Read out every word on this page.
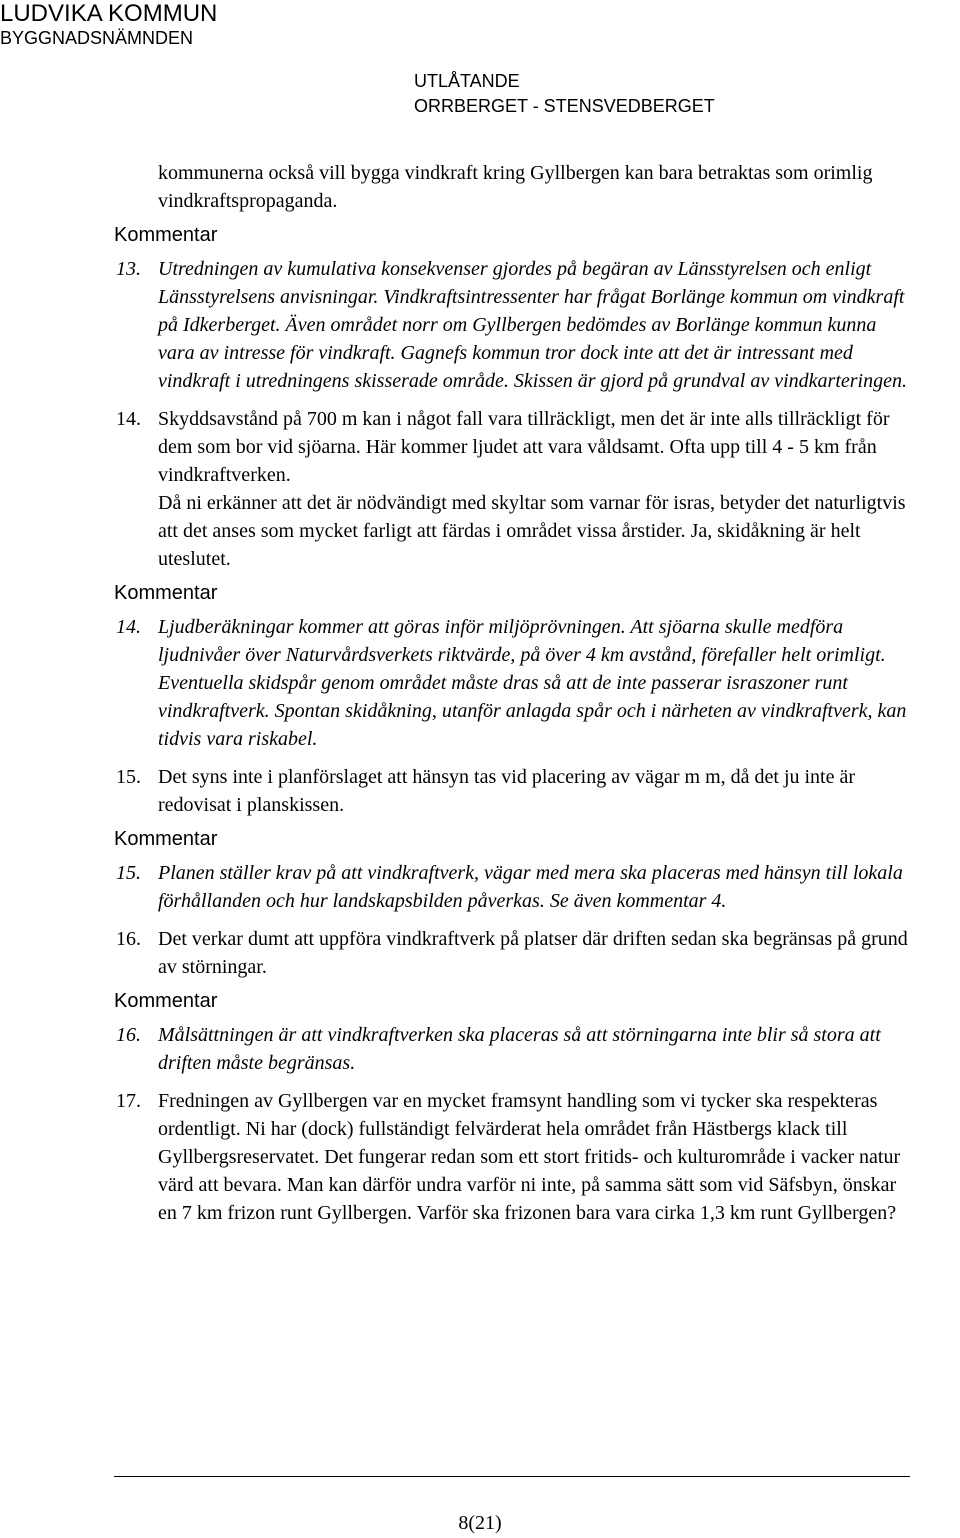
LUDVIKA KOMMUN
BYGGNADSNÄMNDEN
UTLÅTANDE
ORRBERGET - STENSVEDBERGET
kommunerna också vill bygga vindkraft kring Gyllbergen kan bara betraktas som orimlig vindkraftspropaganda.
Kommentar
13. Utredningen av kumulativa konsekvenser gjordes på begäran av Länsstyrelsen och enligt Länsstyrelsens anvisningar. Vindkraftsintressenter har frågat Borlänge kommun om vindkraft på Idkerberget. Även området norr om Gyllbergen bedömdes av Borlänge kommun kunna vara av intresse för vindkraft. Gagnefs kommun tror dock inte att det är intressant med vindkraft i utredningens skisserade område. Skissen är gjord på grundval av vindkarteringen.
14. Skyddsavstånd på 700 m kan i något fall vara tillräckligt, men det är inte alls tillräckligt för dem som bor vid sjöarna. Här kommer ljudet att vara våldsamt. Ofta upp till 4 - 5 km från vindkraftverken.
Då ni erkänner att det är nödvändigt med skyltar som varnar för isras, betyder det naturligtvis att det anses som mycket farligt att färdas i området vissa årstider. Ja, skidåkning är helt uteslutet.
Kommentar
14. Ljudberäkningar kommer att göras inför miljöprövningen. Att sjöarna skulle medföra ljudnivåer över Naturvårdsverkets riktvärde, på över 4 km avstånd, förefaller helt orimligt.
Eventuella skidspår genom området måste dras så att de inte passerar israszoner runt vindkraftverk. Spontan skidåkning, utanför anlagda spår och i närheten av vindkraftverk, kan tidvis vara riskabel.
15. Det syns inte i planförslaget att hänsyn tas vid placering av vägar m m, då det ju inte är redovisat i planskissen.
Kommentar
15. Planen ställer krav på att vindkraftverk, vägar med mera ska placeras med hänsyn till lokala förhållanden och hur landskapsbilden påverkas. Se även kommentar 4.
16. Det verkar dumt att uppföra vindkraftverk på platser där driften sedan ska begränsas på grund av störningar.
Kommentar
16. Målsättningen är att vindkraftverken ska placeras så att störningarna inte blir så stora att driften måste begränsas.
17. Fredningen av Gyllbergen var en mycket framsynt handling som vi tycker ska respekteras ordentligt. Ni har (dock) fullständigt felvärderat hela området från Hästbergs klack till Gyllbergsreservatet. Det fungerar redan som ett stort fritids- och kulturområde i vacker natur värd att bevara. Man kan därför undra varför ni inte, på samma sätt som vid Säfsbyn, önskar en 7 km frizon runt Gyllbergen. Varför ska frizonen bara vara cirka 1,3 km runt Gyllbergen?
8(21)
